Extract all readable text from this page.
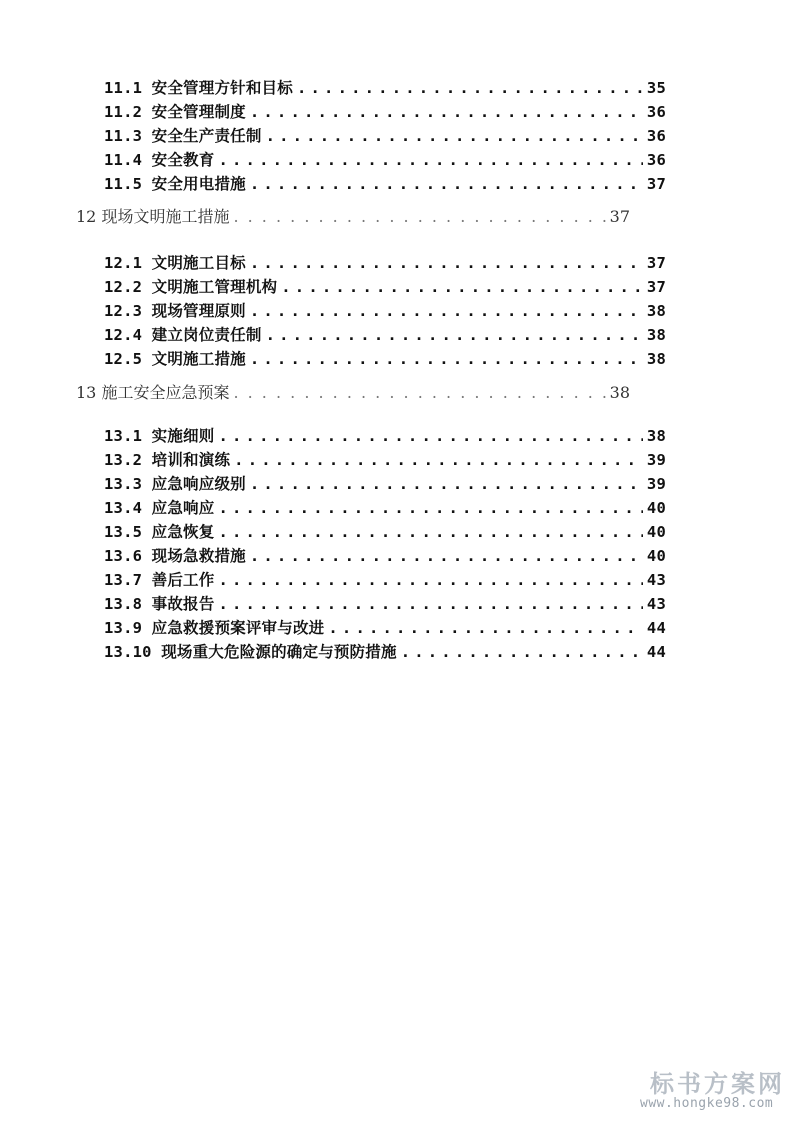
11.1 安全管理方针和目标 .....	35
11.2 安全管理制度 .....	36
11.3 安全生产责任制 .....	36
11.4 安全教育 .....	36
11.5 安全用电措施 .....	37
12 现场文明施工措施 . . .	37
12.1 文明施工目标 .....	37
12.2 文明施工管理机构 .....	37
12.3 现场管理原则 .....	38
12.4 建立岗位责任制 .....	38
12.5 文明施工措施 .....	38
13 施工安全应急预案 . . .	38
13.1 实施细则 .....	38
13.2 培训和演练 .....	39
13.3 应急响应级别 .....	39
13.4 应急响应 .....	40
13.5 应急恢复 .....	40
13.6 现场急救措施 .....	40
13.7 善后工作 .....	43
13.8 事故报告 .....	43
13.9 应急救援预案评审与改进 .....	44
13.10 现场重大危险源的确定与预防措施 .....	44
标书方案网
www.hongke98.com
